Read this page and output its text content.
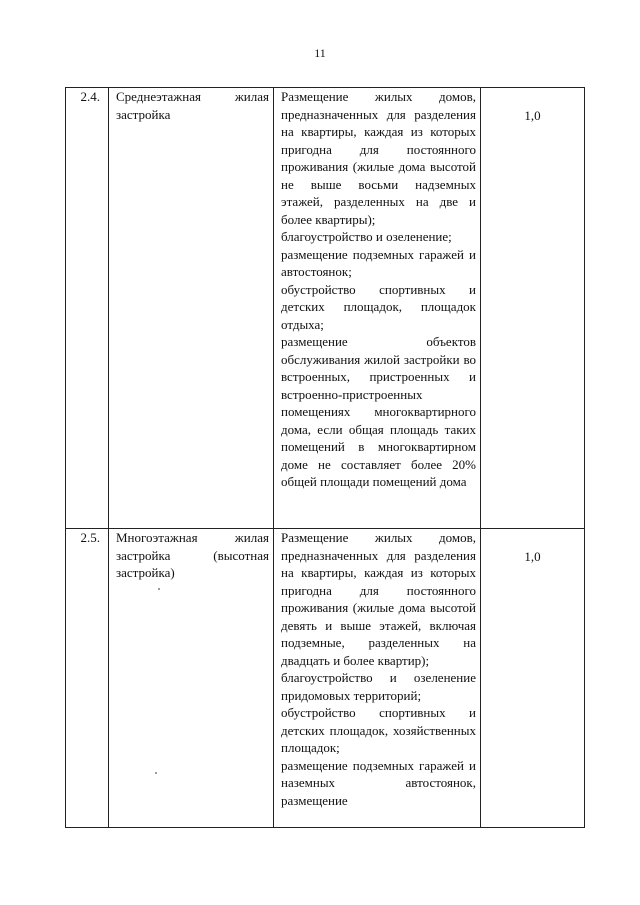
11
2.4.	Среднеэтажная жилая застройка	Размещение жилых домов, предназначенных для разделения на квартиры, каждая из которых пригодна для постоянного проживания (жилые дома высотой не выше восьми надземных этажей, разделенных на две и более квартиры);

благоустройство и озеленение;

размещение подземных гаражей и автостоянок;

обустройство спортивных и детских площадок, площадок отдыха;

размещение объектов обслуживания жилой застройки во встроенных, пристроенных и встроенно-пристроенных помещениях многоквартирного дома, если общая площадь таких помещений в многоквартирном доме не составляет более 20% общей площади помещений дома	1,0

2.5.	Многоэтажная жилая застройка (высотная застройка)	Размещение жилых домов, предназначенных для разделения на квартиры, каждая из которых пригодна для постоянного проживания (жилые дома высотой девять и выше этажей, включая подземные, разделенных на двадцать и более квартир);

благоустройство и озеленение придомовых территорий;

обустройство спортивных и детских площадок, хозяйственных площадок;

размещение подземных гаражей и наземных автостоянок, размещение	1,0
